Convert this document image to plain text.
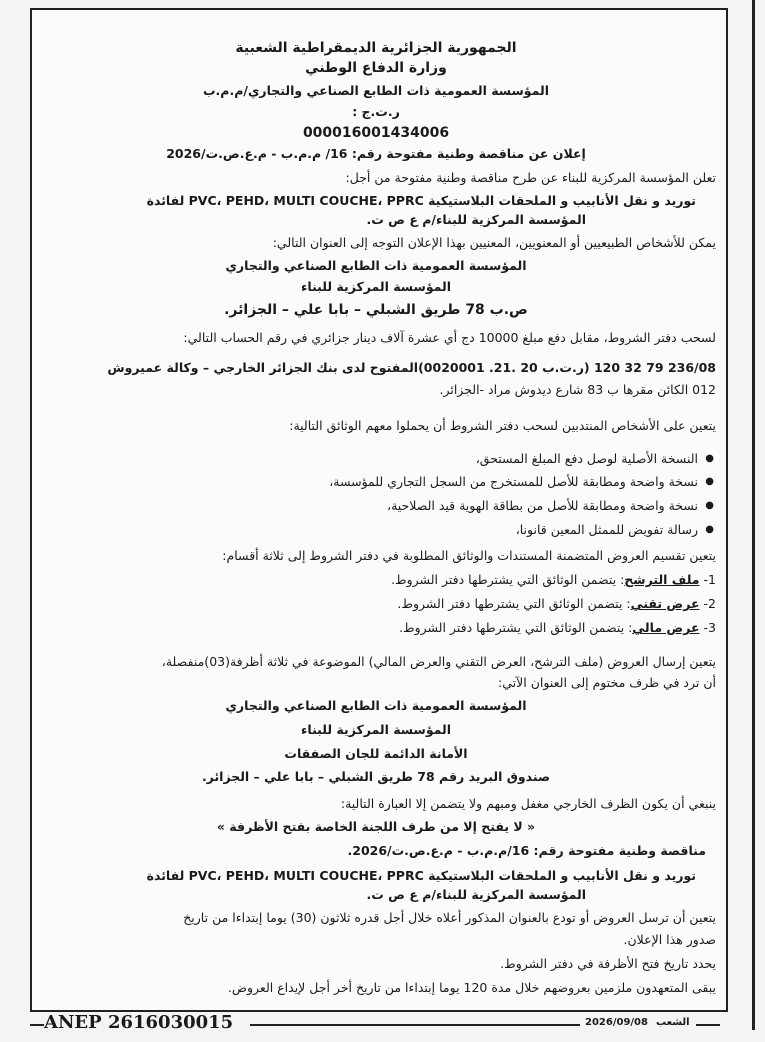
الجمهورية الجزائرية الديمقراطية الشعبية
وزارة الدفاع الوطني
المؤسسة العمومية ذات الطابع الصناعي والتجاري/م.م.ب
ر.ت.ج :
000016001434006
إعلان عن مناقصة وطنية مفتوحة رقم: 16/ م.م.ب - م.ع.ص.ت/2026
تعلن المؤسسة المركزية للبناء عن طرح مناقصة وطنية مفتوحة من أجل:
توريد و نقل الأنابيب و الملحقات البلاستيكية PVC، PEHD، MULTI COUCHE، PPRC لفائدة
المؤسسة المركزية للبناء/م ع ص ت.
يمكن للأشخاص الطبيعيين أو المعنويين، المعنيين بهذا الإعلان التوجه إلى العنوان التالي:
المؤسسة العمومية ذات الطابع الصناعي والتجاري
المؤسسة المركزية للبناء
ص.ب 78 طريق الشبلي – بابا علي – الجزائر.
لسحب دفتر الشروط، مقابل دفع مبلغ 10000 دج أي عشرة آلاف دينار جزائري في رقم الحساب التالي:
236/08 79 32 120 (ر.ت.ب 20 .21. 0020001)المفتوح لدى بنك الجزائر الخارجي – وكالة عميروش
012 الكائن مقرها ب 83 شارع ديدوش مراد -الجزائر.
يتعين على الأشخاص المنتدبين لسحب دفتر الشروط أن يحملوا معهم الوثائق التالية:
●
النسخة الأصلية لوصل دفع المبلغ المستحق،
●
نسخة واضحة ومطابقة للأصل للمستخرج من السجل التجاري للمؤسسة،
●
نسخة واضحة ومطابقة للأصل من بطاقة الهوية قيد الصلاحية،
●
رسالة تفويض للممثل المعين قانونا،
يتعين تقسيم العروض المتضمنة المستندات والوثائق المطلوبة في دفتر الشروط إلى ثلاثة أقسام:
1- ملف الترشح: يتضمن الوثائق التي يشترطها دفتر الشروط.
2- عرض تقني: يتضمن الوثائق التي يشترطها دفتر الشروط.
3- عرض مالي: يتضمن الوثائق التي يشترطها دفتر الشروط.
يتعين إرسال العروض (ملف الترشح، العرض التقني والعرض المالي) الموضوعة في ثلاثة أظرفة(03)منفصلة،
أن ترد في ظرف مختوم إلى العنوان الآتي:
المؤسسة العمومية ذات الطابع الصناعي والتجاري
المؤسسة المركزية للبناء
الأمانة الدائمة للجان الصفقات
صندوق البريد رقم 78 طريق الشبلي – بابا علي – الجزائر.
ينبغي أن يكون الظرف الخارجي مغفل ومبهم ولا يتضمن إلا العبارة التالية:
« لا يفتح إلا من طرف اللجنة الخاصة بفتح الأظرفة »
مناقصة وطنية مفتوحة رقم: 16/م.م.ب - م.ع.ص.ت/2026.
توريد و نقل الأنابيب و الملحقات البلاستيكية PVC، PEHD، MULTI COUCHE، PPRC لفائدة
المؤسسة المركزية للبناء/م ع ص ت.
يتعين أن ترسل العروض أو تودع بالعنوان المذكور أعلاه خلال أجل قدره ثلاثون (30) يوما إبتداءا من تاريخ
صدور هذا الإعلان.
يحدد تاريخ فتح الأظرفة في دفتر الشروط.
يبقى المتعهدون ملزمين بعروضهم خلال مدة 120 يوما إبتداءا من تاريخ أخر أجل لإيداع العروض.
ANEP 2616030015	2026/09/08 الشعب
